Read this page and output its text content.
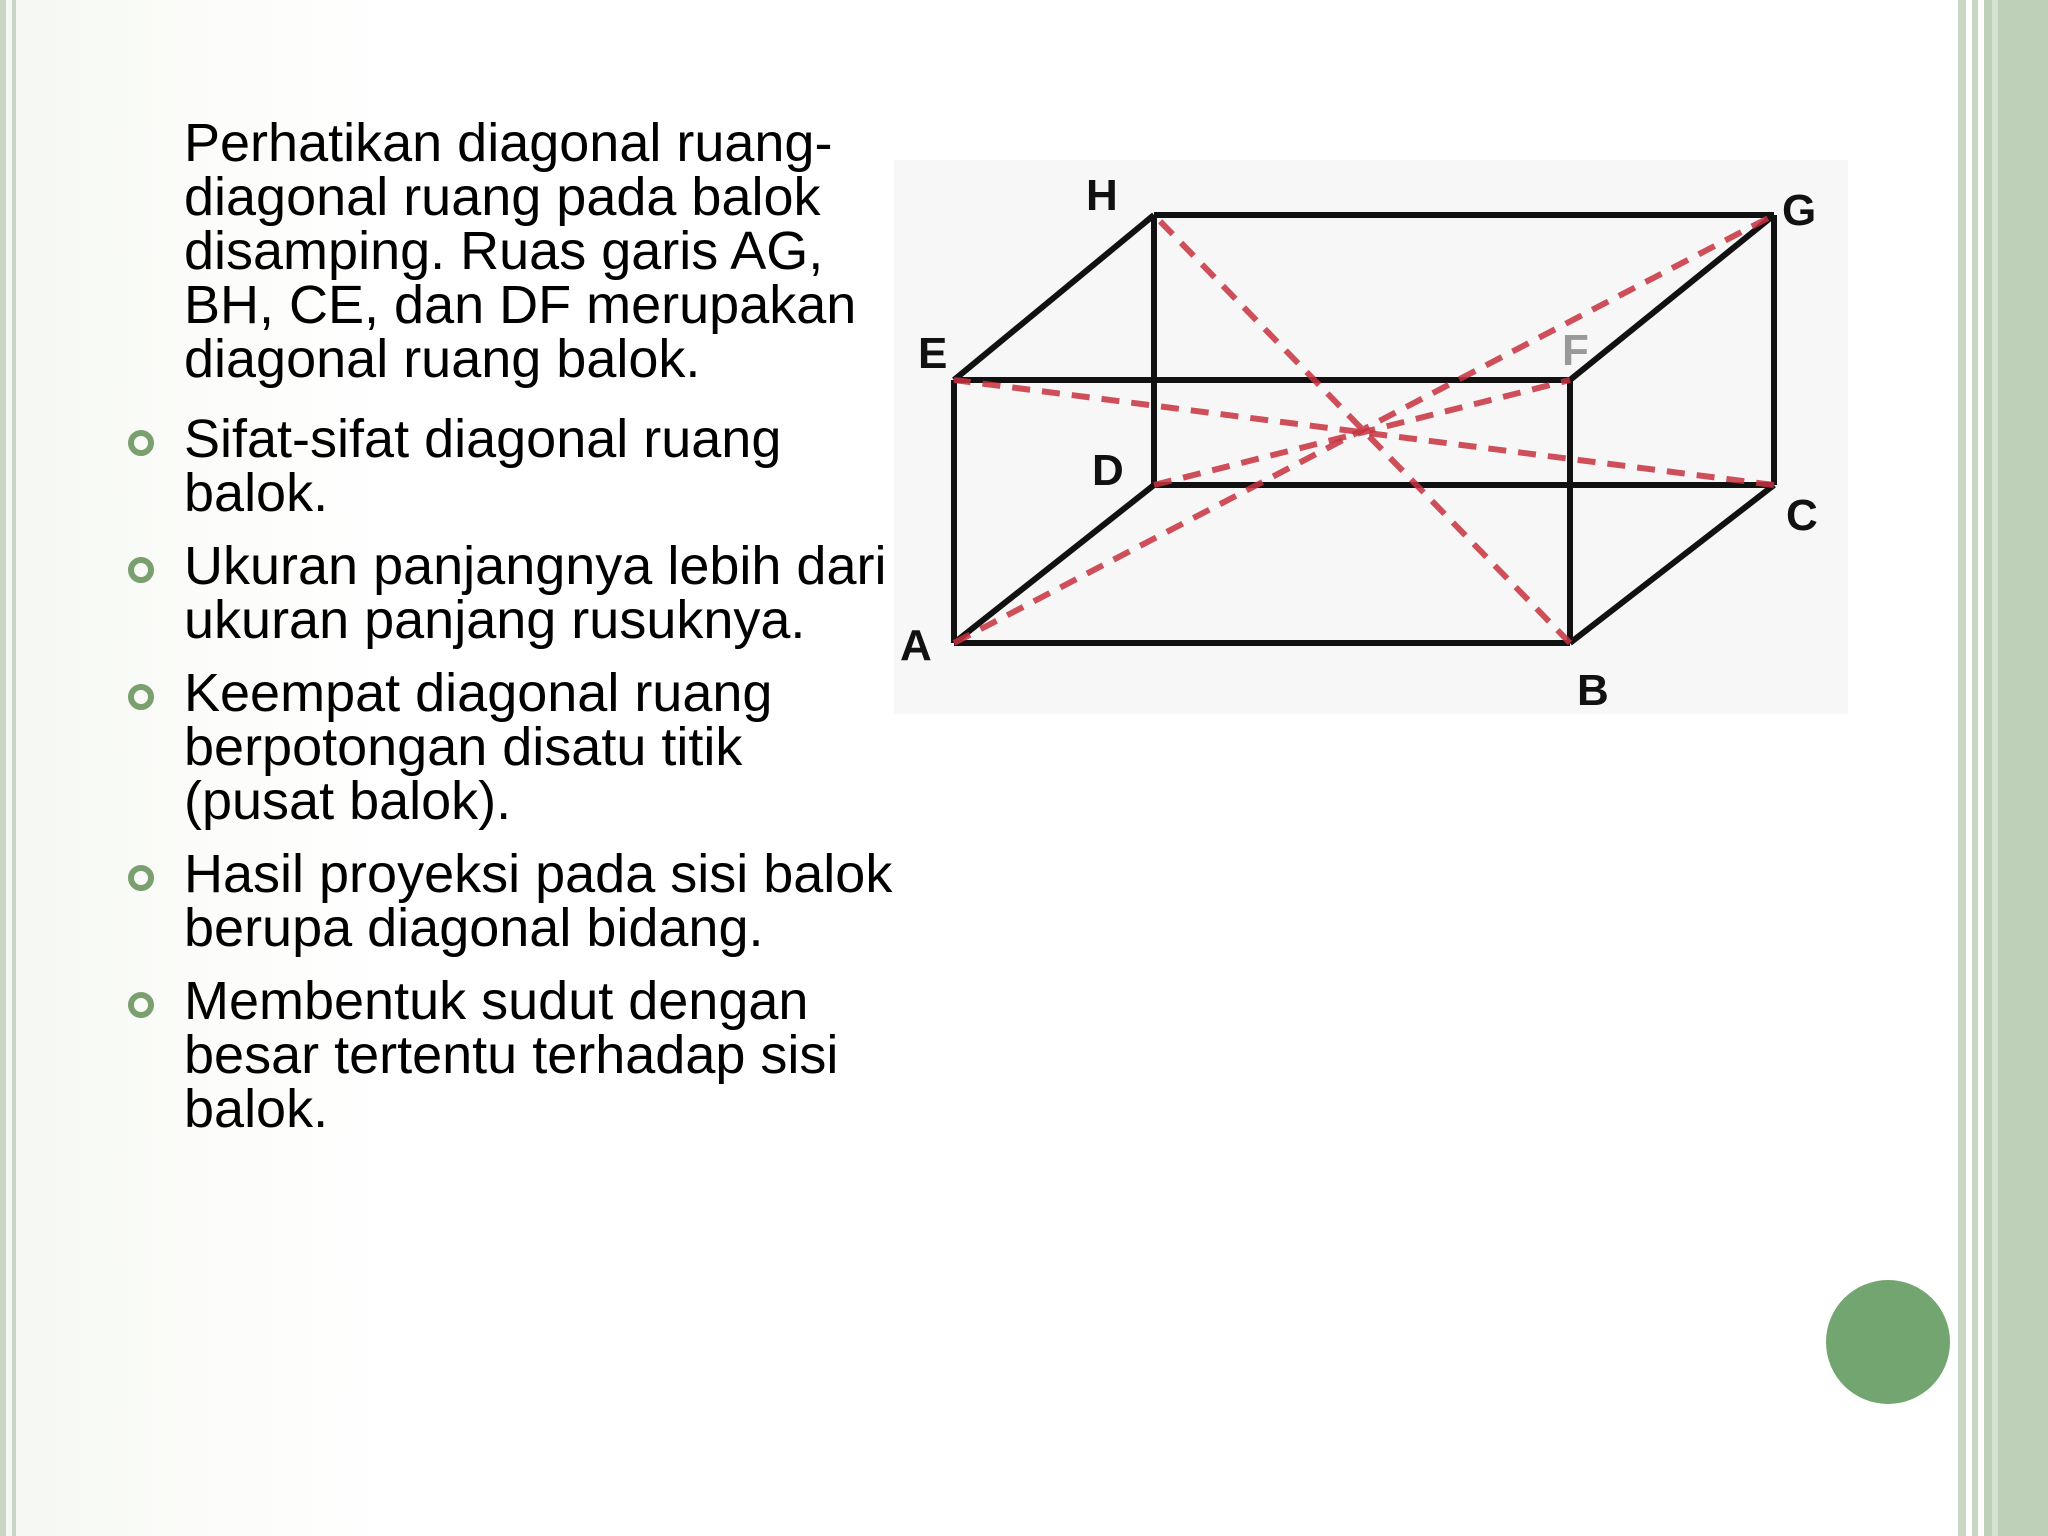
Perhatikan diagonal ruang-diagonal ruang pada balok disamping. Ruas garis AG, BH, CE, dan DF merupakan diagonal ruang balok.

Sifat-sifat diagonal ruang balok.
Ukuran panjangnya lebih dari ukuran panjang rusuknya.
Keempat diagonal ruang berpotongan disatu titik (pusat balok).
Hasil proyeksi pada sisi balok berupa diagonal bidang.
Membentuk sudut dengan besar tertentu terhadap sisi balok.
A
B
C
D
E	F
G
H
